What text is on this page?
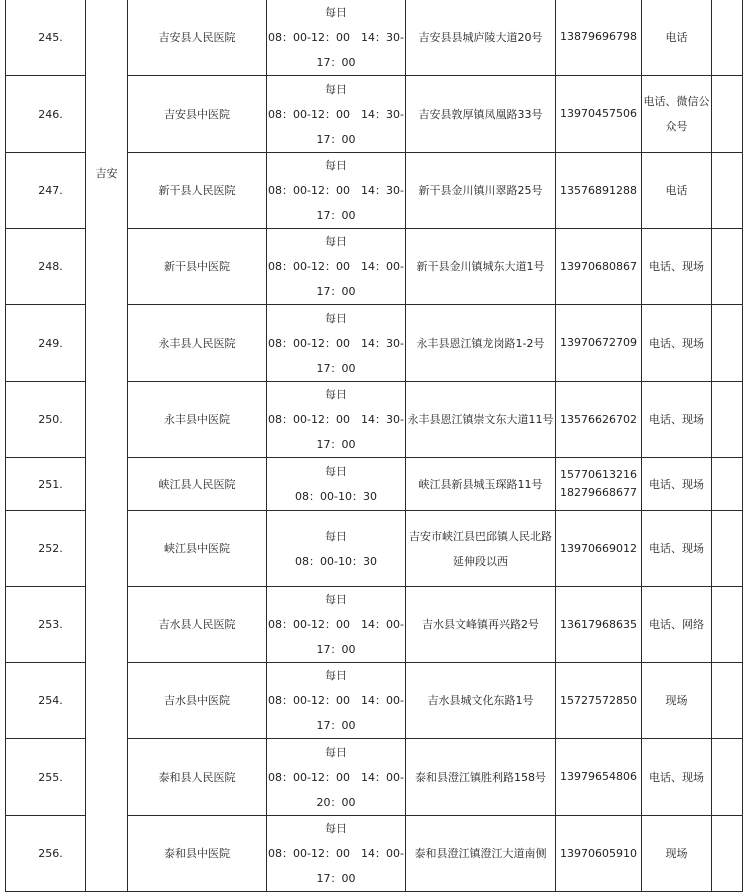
245.	吉安	吉安县人民医院	每日
08：00-12：00　14：30-
17：00	吉安县县城庐陵大道20号	13879696798	电话	

246.		吉安县中医院	每日
08：00-12：00　14：30-
17：00	吉安县敦厚镇凤凰路33号	13970457506	电话、微信公众号	

247.		新干县人民医院	每日
08：00-12：00　14：30-
17：00	新干县金川镇川翠路25号	13576891288	电话	

248.		新干县中医院	每日
08：00-12：00　14：00-
17：00	新干县金川镇城东大道1号	13970680867	电话、现场	

249.		永丰县人民医院	每日
08：00-12：00　14：30-
17：00	永丰县恩江镇龙岗路1-2号	13970672709	电话、现场	

250.		永丰县中医院	每日
08：00-12：00　14：30-
17：00	永丰县恩江镇崇文东大道11号	13576626702	电话、现场	

251.		峡江县人民医院	每日
08：00-10：30	峡江县新县城玉琛路11号	15770613216 18279668677	电话、现场	

252.		峡江县中医院	每日
08：00-10：30	吉安市峡江县巴邱镇人民北路延伸段以西	13970669012	电话、现场	

253.		吉水县人民医院	每日
08：00-12：00　14：00-
17：00	吉水县文峰镇再兴路2号	13617968635	电话、网络	

254.		吉水县中医院	每日
08：00-12：00　14：00-
17：00	吉水县城文化东路1号	15727572850	现场	

255.		泰和县人民医院	每日
08：00-12：00　14：00-
20：00	泰和县澄江镇胜利路158号	13979654806	电话、现场	

256.		泰和县中医院	每日
08：00-12：00　14：00-
17：00	泰和县澄江镇澄江大道南侧	13970605910	现场	
